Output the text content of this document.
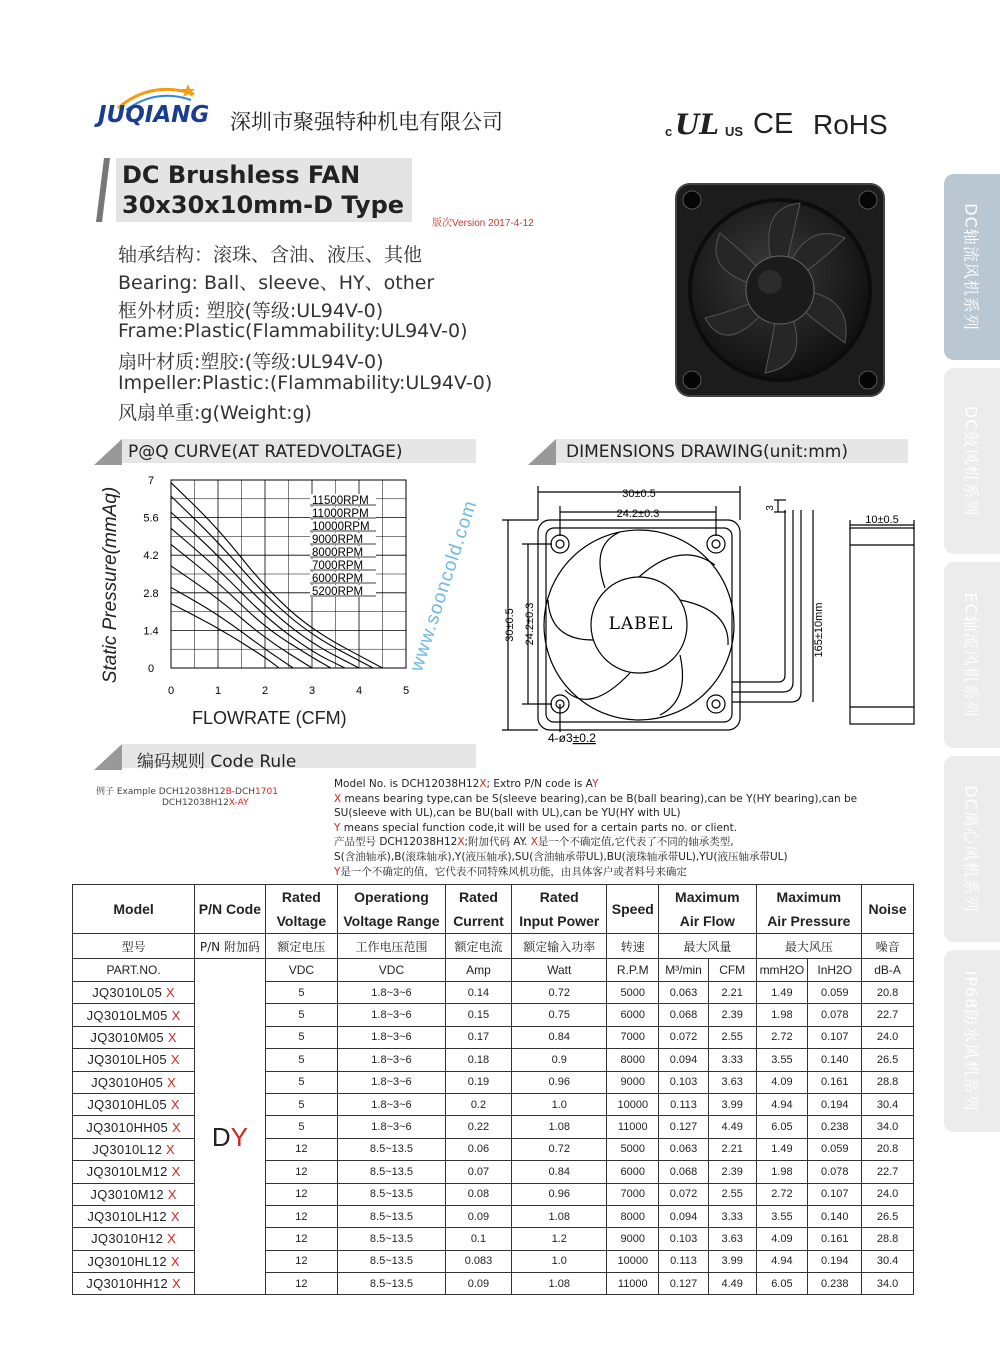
JUQIANG 深圳市聚强特种机电有限公司	c UL US CE RoHS
DC Brushless FAN
30x30x10mm-D Type
版次Version 2017-4-12
轴承结构：滚珠、含油、液压、其他
Bearing: Ball、sleeve、HY、other
框外材质: 塑胶(等级:UL94V-0)
Frame:Plastic(Flammability:UL94V-0)
扇叶材质:塑胶:(等级:UL94V-0)
Impeller:Plastic:(Flammability:UL94V-0)
风扇单重:g(Weight:g)
P@Q CURVE(AT RATEDVOLTAGE)
0	1	2	3	4	5
0
1.4
2.8
4.2
5.6
7
11500RPM
11000RPM
10000RPM
9000RPM
8000RPM
7000RPM
6000RPM
5200RPM
Static Pressure(mmAq)
FLOWRATE (CFM)
DIMENSIONS DRAWING(unit:mm)
www.sooncold.com
30±0.5
24.2±0.3
30±0.5 24.2±0.3
3
165±10mm
10±0.5
LABEL
4-ø3±0.2
编码规则 Code Rule
例子 Example DCH12038H12B-DCH1701
DCH12038H12X-AY
Model No. is DCH12038H12X; Extro P/N code is AY
X means bearing type,can be S(sleeve bearing),can be B(ball bearing),can be Y(HY bearing),can be
SU(sleeve with UL),can be BU(ball with UL),can be YU(HY with UL)
Y means special function code,it will be used for a certain parts no. or client.
产品型号 DCH12038H12X;附加代码 AY. X是一个不确定值,它代表了不同的轴承类型,
S(含油轴承),B(滚珠轴承),Y(液压轴承),SU(含油轴承带UL),BU(滚珠轴承带UL),YU(液压轴承带UL)
Y是一个不确定的值，它代表不同特殊风机功能，由具体客户或者料号来确定
DC轴流风机系列
DC鼓风机系列
EC轴流风机系列
DC离心风机系列
IP68防水风机系列
Model	P/N Code	Rated	Operationg	Rated	Rated	Speed	Maximum		Maximum		Noise
		Voltage	Voltage Range	Current	Input Power		Air Flow		Air Pressure		
型号	P/N 附加码	额定电压	工作电压范围	额定电流	额定输入功率	转速	最大风量		最大风压		噪音
PART.NO.		VDC	VDC	Amp	Watt	R.P.M	M³/min	CFM	mmH2O	InH2O	dB-A
JQ3010L05 X	DY	5	1.8~3~6	0.14	0.72	5000	0.063	2.21	1.49	0.059	20.8
JQ3010LM05 X		5	1.8~3~6	0.15	0.75	6000	0.068	2.39	1.98	0.078	22.7
JQ3010M05 X		5	1.8~3~6	0.17	0.84	7000	0.072	2.55	2.72	0.107	24.0
JQ3010LH05 X		5	1.8~3~6	0.18	0.9	8000	0.094	3.33	3.55	0.140	26.5
JQ3010H05 X		5	1.8~3~6	0.19	0.96	9000	0.103	3.63	4.09	0.161	28.8
JQ3010HL05 X		5	1.8~3~6	0.2	1.0	10000	0.113	3.99	4.94	0.194	30.4
JQ3010HH05 X		5	1.8~3~6	0.22	1.08	11000	0.127	4.49	6.05	0.238	34.0
JQ3010L12 X		12	8.5~13.5	0.06	0.72	5000	0.063	2.21	1.49	0.059	20.8
JQ3010LM12 X		12	8.5~13.5	0.07	0.84	6000	0.068	2.39	1.98	0.078	22.7
JQ3010M12 X		12	8.5~13.5	0.08	0.96	7000	0.072	2.55	2.72	0.107	24.0
JQ3010LH12 X		12	8.5~13.5	0.09	1.08	8000	0.094	3.33	3.55	0.140	26.5
JQ3010H12 X		12	8.5~13.5	0.1	1.2	9000	0.103	3.63	4.09	0.161	28.8
JQ3010HL12 X		12	8.5~13.5	0.083	1.0	10000	0.113	3.99	4.94	0.194	30.4
JQ3010HH12 X		12	8.5~13.5	0.09	1.08	11000	0.127	4.49	6.05	0.238	34.0
